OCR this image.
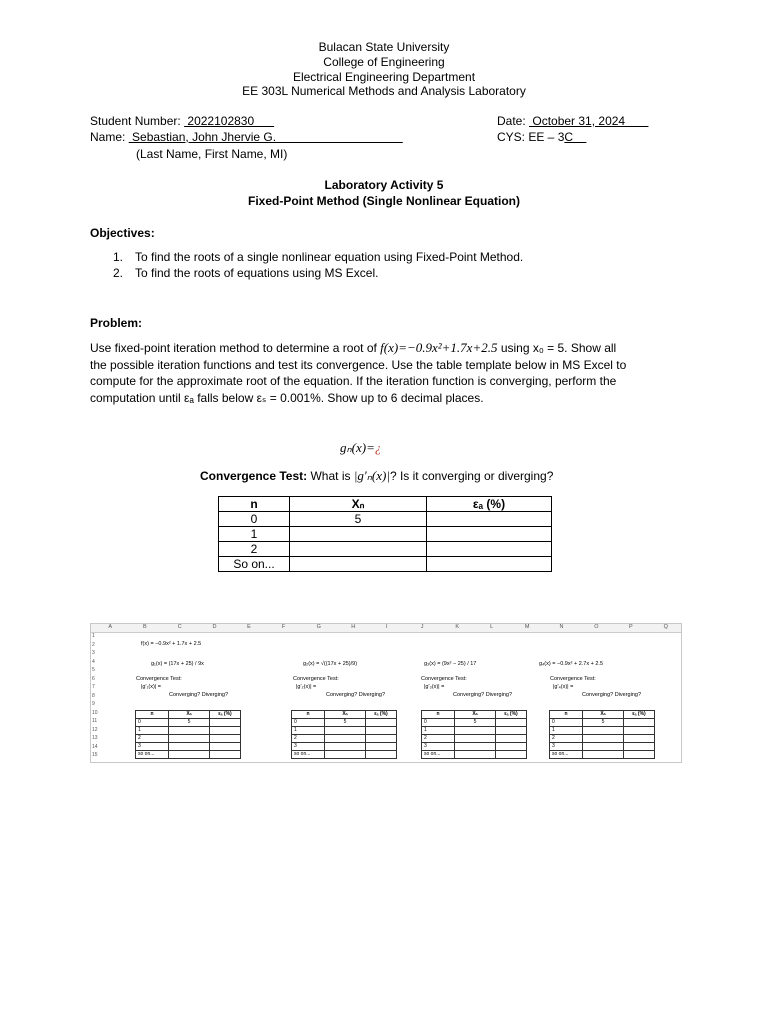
Bulacan State University
College of Engineering
Electrical Engineering Department
EE 303L Numerical Methods and Analysis Laboratory
Student Number:  2022102830
Name:  Sebastian, John Jhervie G.
(Last Name, First Name, MI)
Date:  October 31, 2024
CYS: EE – 3C
Laboratory Activity 5
Fixed-Point Method (Single Nonlinear Equation)
Objectives:
1. To find the roots of a single nonlinear equation using Fixed-Point Method.
2. To find the roots of equations using MS Excel.
Problem:
Use fixed-point iteration method to determine a root of f(x)=−0.9x²+1.7x+2.5 using x₀ = 5. Show all
the possible iteration functions and test its convergence. Use the table template below in MS Excel to
compute for the approximate root of the equation. If the iteration function is converging, perform the
computation until εₐ falls below εₛ = 0.001%. Show up to 6 decimal places.
gₙ(x)=¿
Convergence Test: What is |g′ₙ(x)|? Is it converging or diverging?
n	Xₙ	εₐ (%)
0	5	
1		
2		
So on...		
A	B	C	D	E	F	G	H	I	J	K	L	M	N	O	P	Q
1
2
3
4
5
6
7
8
9
10
11
12
13
14
15
f(x) = −0.9x² + 1.7x + 2.5
g₁(x) = (17x + 25) / 9x
Convergence Test:
|g′₁(x)| =
Converging? Diverging?
g₂(x) = √((17x + 25)/9)
Convergence Test:
|g′₂(x)| =
Converging? Diverging?
g₃(x) = (9x² − 25) / 17
Convergence Test:
|g′₃(x)| =
Converging? Diverging?
g₄(x) = −0.9x² + 2.7x + 2.5
Convergence Test:
|g′₄(x)| =
Converging? Diverging?
n	Xₙ	εₐ (%)
0	5	
1		
2		
3		
so on...		
n	Xₙ	εₐ (%)
0	5	
1		
2		
3		
so on...		
n	Xₙ	εₐ (%)
0	5	
1		
2		
3		
so on...		
n	Xₙ	εₐ (%)
0	5	
1		
2		
3		
so on...		
